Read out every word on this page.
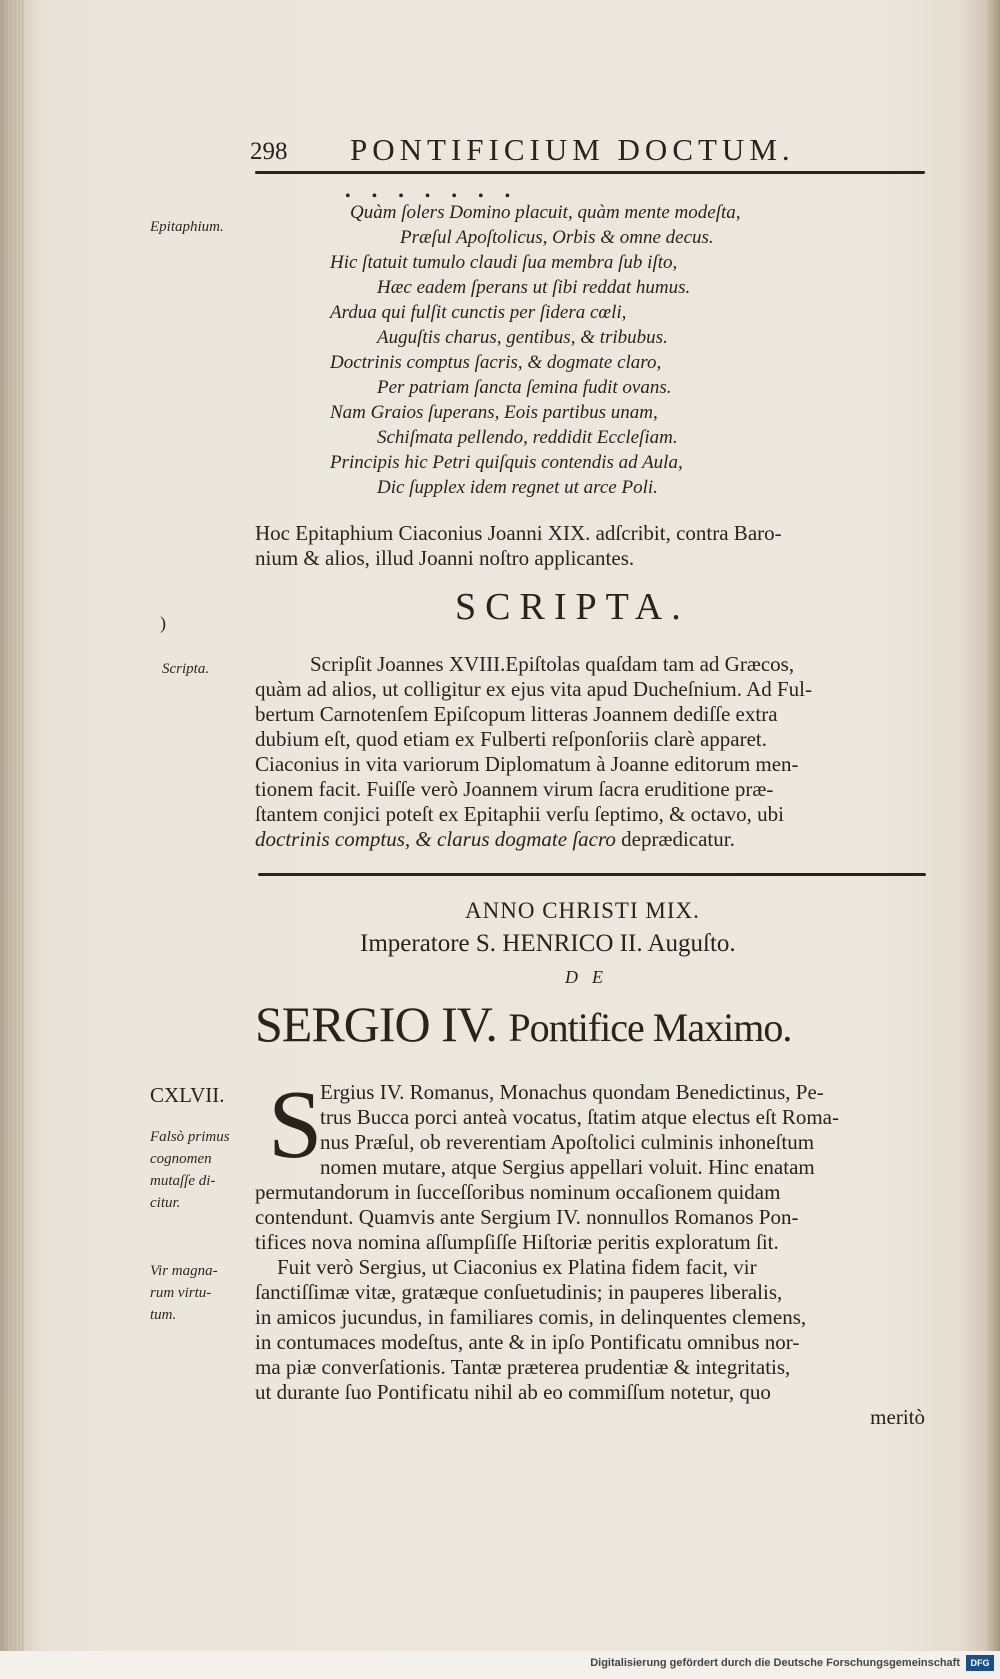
298 PONTIFICIUM DOCTUM.
Epitaphium.
•••••••
Quàm ſolers Domino placuit, quàm mente modeſta,
Præſul Apoſtolicus, Orbis & omne decus.
Hic ſtatuit tumulo claudi ſua membra ſub iſto,
Hæc eadem ſperans ut ſibi reddat humus.
Ardua qui fulſit cunctis per ſidera cœli,
Auguſtis charus, gentibus, & tribubus.
Doctrinis comptus ſacris, & dogmate claro,
Per patriam ſancta ſemina fudit ovans.
Nam Graios ſuperans, Eois partibus unam,
Schiſmata pellendo, reddidit Eccleſiam.
Principis hic Petri quiſquis contendis ad Aula,
Dic ſupplex idem regnet ut arce Poli.
Hoc Epitaphium Ciaconius Joanni XIX. adſcribit, contra Baro-
nium & alios, illud Joanni noſtro applicantes.
)	SCRIPTA.
Scripta.	Scripſit Joannes XVIII.Epiſtolas quaſdam tam ad Græcos,
quàm ad alios, ut colligitur ex ejus vita apud Ducheſnium. Ad Ful-
bertum Carnotenſem Epiſcopum litteras Joannem dediſſe extra
dubium eſt, quod etiam ex Fulberti reſponſoriis clarè apparet.
Ciaconius in vita variorum Diplomatum à Joanne editorum men-
tionem facit. Fuiſſe verò Joannem virum ſacra eruditione præ-
ſtantem conjici poteſt ex Epitaphii verſu ſeptimo, & octavo, ubi
doctrinis comptus, & clarus dogmate ſacro deprædicatur.
ANNO CHRISTI MIX.
Imperatore S. HENRICO II. Auguſto.
DE
SERGIO IV. Pontifice Maximo.
CXLVII.
Falsò primus
cognomen
mutaſſe di-
citur.
Vir magna-
rum virtu-
tum.
S
Ergius IV. Romanus, Monachus quondam Benedictinus, Pe-
trus Bucca porci anteà vocatus, ſtatim atque electus eſt Roma-
nus Præſul, ob reverentiam Apoſtolici culminis inhoneſtum
nomen mutare, atque Sergius appellari voluit. Hinc enatam
permutandorum in ſucceſſoribus nominum occaſionem quidam
contendunt. Quamvis ante Sergium IV. nonnullos Romanos Pon-
tifices nova nomina aſſumpſiſſe Hiſtoriæ peritis exploratum ſit.
Fuit verò Sergius, ut Ciaconius ex Platina fidem facit, vir
ſanctiſſimæ vitæ, gratæque conſuetudinis; in pauperes liberalis,
in amicos jucundus, in familiares comis, in delinquentes clemens,
in contumaces modeſtus, ante & in ipſo Pontificatu omnibus nor-
ma piæ converſationis. Tantæ præterea prudentiæ & integritatis,
ut durante ſuo Pontificatu nihil ab eo commiſſum notetur, quo
meritò
Digitalisierung gefördert durch die Deutsche Forschungsgemeinschaft	DFG
